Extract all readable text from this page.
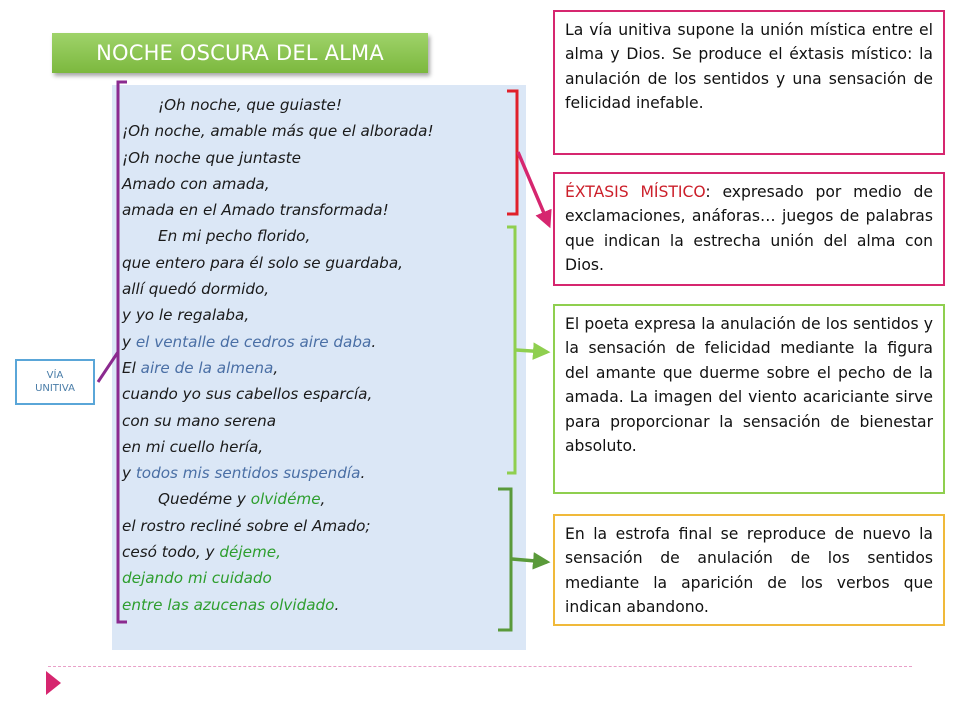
NOCHE OSCURA DEL ALMA
¡Oh noche, que guiaste!
¡Oh noche, amable más que el alborada!
¡Oh noche que juntaste
Amado con amada,
amada en el Amado transformada!
En mi pecho florido,
que entero para él solo se guardaba,
allí quedó dormido,
y yo le regalaba,
y el ventalle de cedros aire daba.
El aire de la almena,
cuando yo sus cabellos esparcía,
con su mano serena
en mi cuello hería,
y todos mis sentidos suspendía.
Quedéme y olvidéme,
el rostro recliné sobre el Amado;
cesó todo, y déjeme,
dejando mi cuidado
entre las azucenas olvidado.
La vía unitiva supone la unión mística entre el alma y Dios. Se produce el éxtasis místico: la anulación de los sentidos y una sensación de felicidad inefable.
ÉXTASIS MÍSTICO: expresado por medio de exclamaciones, anáforas… juegos de palabras que indican la estrecha unión del alma con Dios.
El poeta expresa la anulación de los sentidos y la sensación de felicidad mediante la figura del amante que duerme sobre el pecho de la amada. La imagen del viento acariciante sirve para proporcionar la sensación de bienestar absoluto.
En la estrofa final se reproduce de nuevo la sensación de anulación de los sentidos mediante la aparición de los verbos que indican abandono.
VÍA
UNITIVA
